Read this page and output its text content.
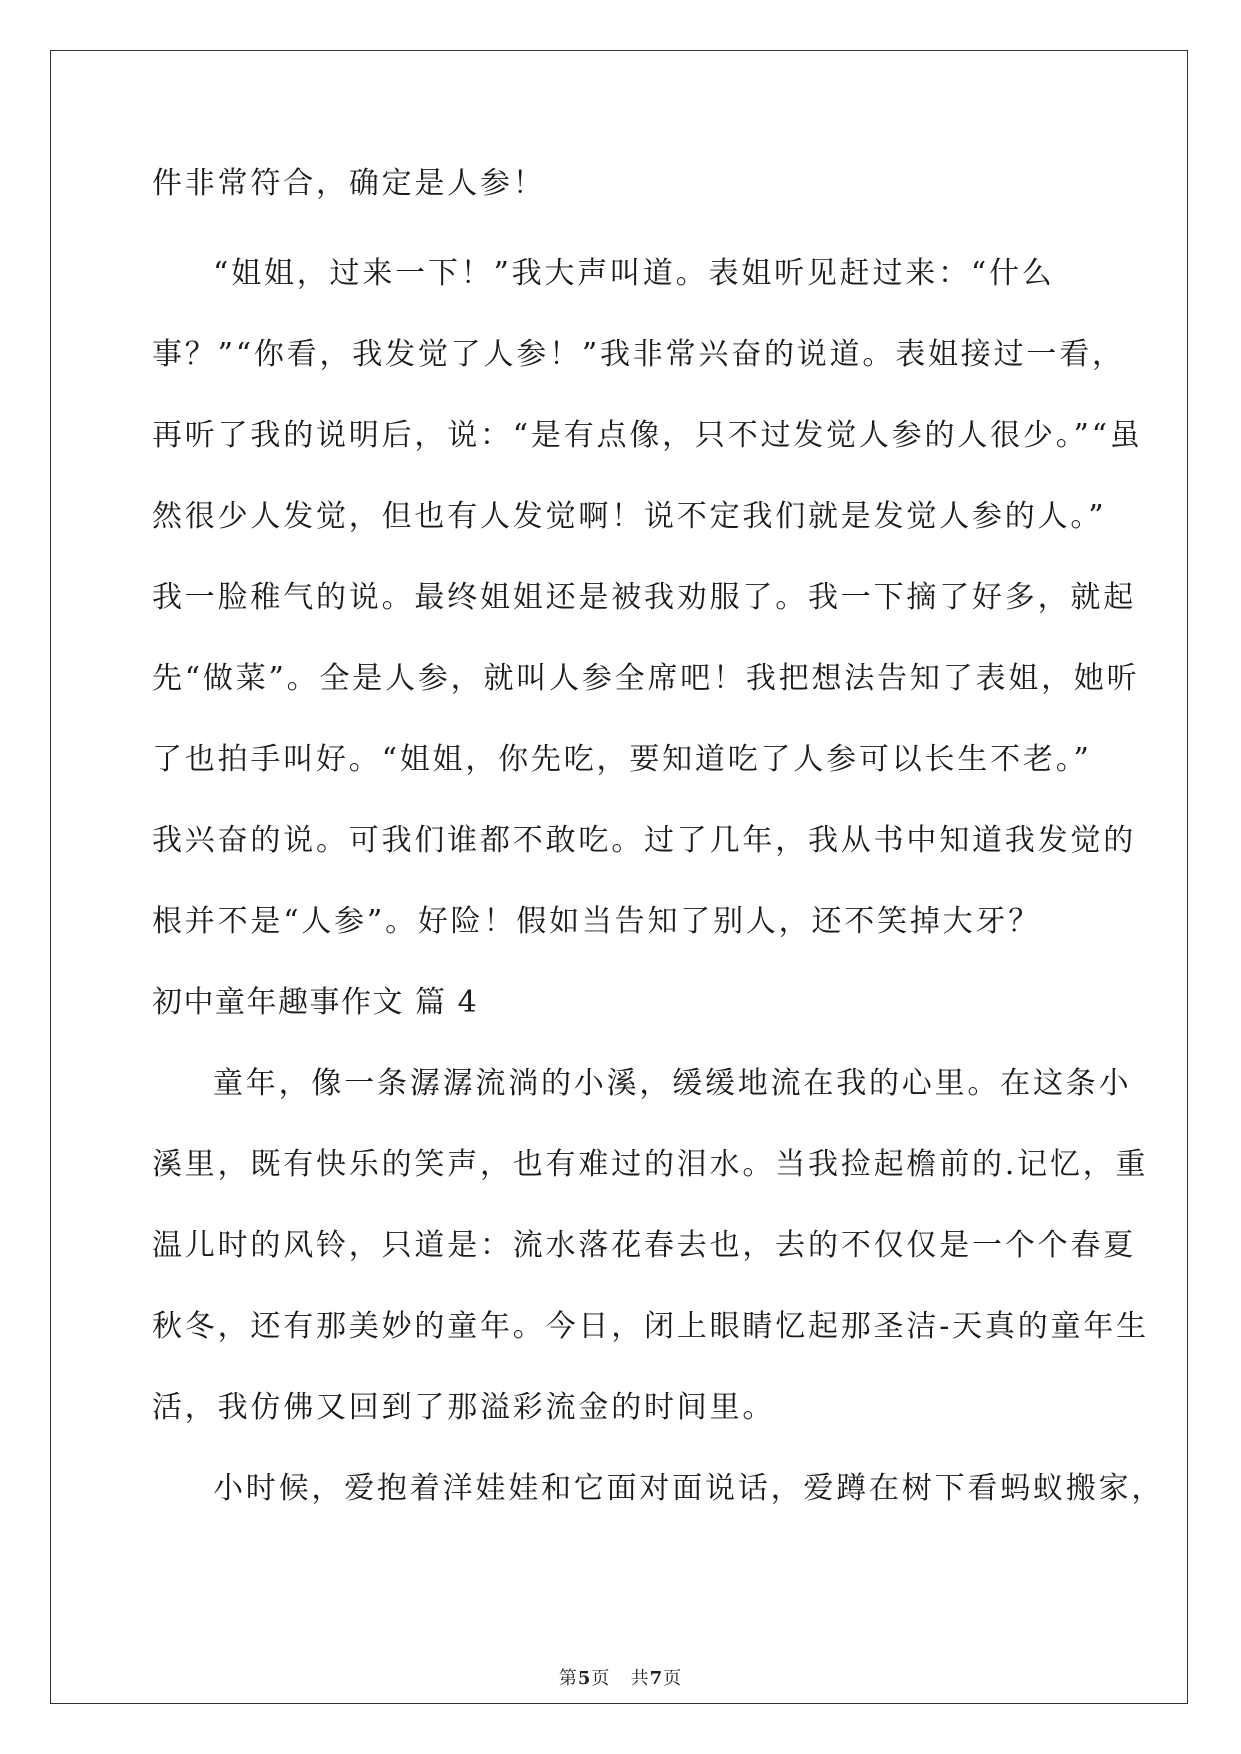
件非常符合，确定是人参！
“姐姐，过来一下！”我大声叫道。表姐听见赶过来：“什么
事？”“你看，我发觉了人参！”我非常兴奋的说道。表姐接过一看，
再听了我的说明后，说：“是有点像，只不过发觉人参的人很少。”“虽
然很少人发觉，但也有人发觉啊！说不定我们就是发觉人参的人。”
我一脸稚气的说。最终姐姐还是被我劝服了。我一下摘了好多，就起
先“做菜”。全是人参，就叫人参全席吧！我把想法告知了表姐，她听
了也拍手叫好。“姐姐，你先吃，要知道吃了人参可以长生不老。”
我兴奋的说。可我们谁都不敢吃。过了几年，我从书中知道我发觉的
根并不是“人参”。好险！假如当告知了别人，还不笑掉大牙？
初中童年趣事作文 篇 4
童年，像一条潺潺流淌的小溪，缓缓地流在我的心里。在这条小
溪里，既有快乐的笑声，也有难过的泪水。当我捡起檐前的.记忆，重
温儿时的风铃，只道是：流水落花春去也，去的不仅仅是一个个春夏
秋冬，还有那美妙的童年。今日，闭上眼睛忆起那圣洁-天真的童年生
活，我仿佛又回到了那溢彩流金的时间里。
小时候，爱抱着洋娃娃和它面对面说话，爱蹲在树下看蚂蚁搬家，
第5页 共7页
